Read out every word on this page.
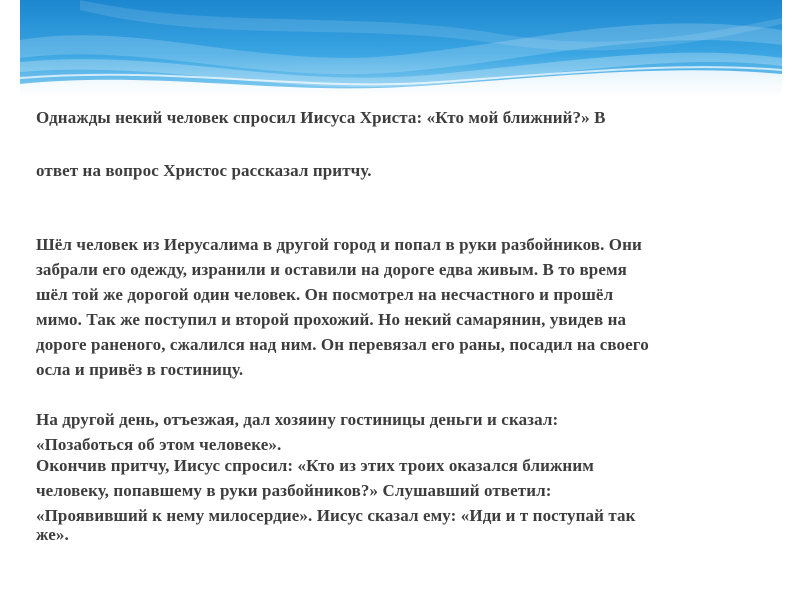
Однажды некий человек спросил Иисуса Христа: «Кто мой ближний?» В
ответ на вопрос Христос рассказал притчу.
Шёл человек из Иерусалима в другой город и попал в руки разбойников. Они
забрали его одежду, изранили и оставили на дороге едва живым. В то время
шёл той же дорогой один человек. Он посмотрел на несчастного и прошёл
мимо. Так же поступил и второй прохожий. Но некий самарянин, увидев на
дороге раненого, сжалился над ним. Он перевязал его раны, посадил на своего
осла и привёз в гостиницу.
На другой день, отъезжая, дал хозяину гостиницы деньги и сказал:
«Позаботься об этом человеке».
Окончив притчу, Иисус спросил: «Кто из этих троих оказался ближним
человеку, попавшему в руки разбойников?» Слушавший ответил:
«Проявивший к нему милосердие». Иисус сказал ему: «Иди и т поступай так
же».
